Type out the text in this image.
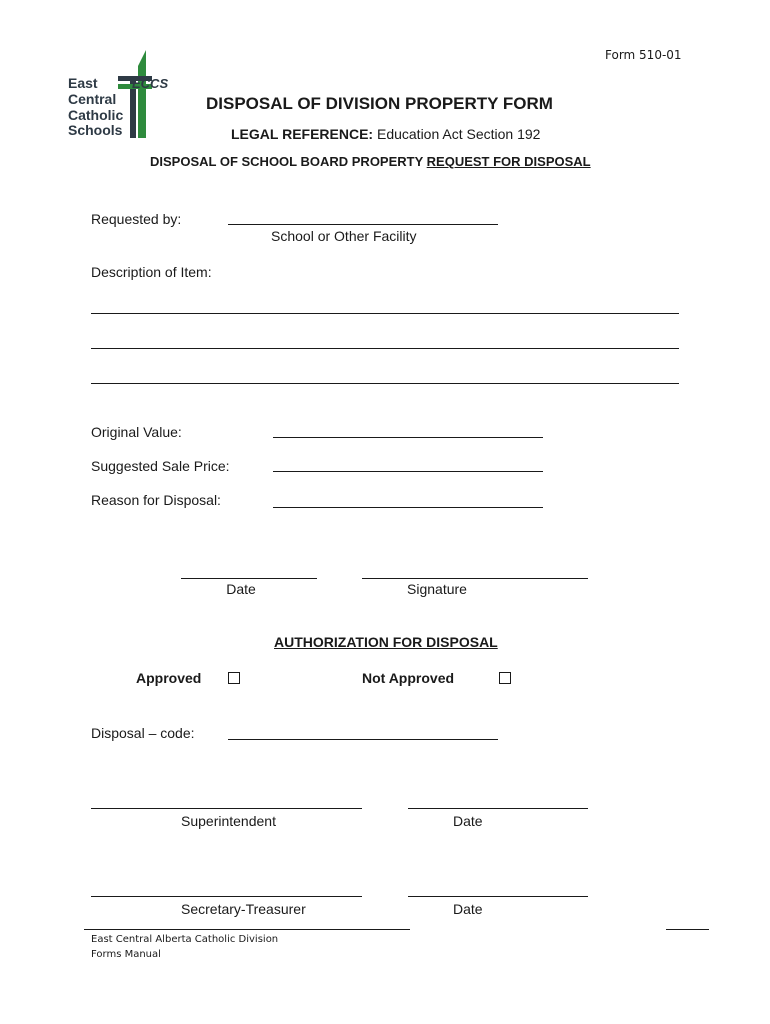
Form 510-01
East
Central
Catholic
Schools
ECCS
DISPOSAL OF DIVISION PROPERTY FORM
LEGAL REFERENCE: Education Act Section 192
DISPOSAL OF SCHOOL BOARD PROPERTY REQUEST FOR DISPOSAL
Requested by:
School or Other Facility
Description of Item:
Original Value:
Suggested Sale Price:
Reason for Disposal:
Date	Signature
AUTHORIZATION FOR DISPOSAL
Approved	Not Approved
Disposal – code:
Superintendent	Date
Secretary-Treasurer	Date
East Central Alberta Catholic Division
Forms Manual
